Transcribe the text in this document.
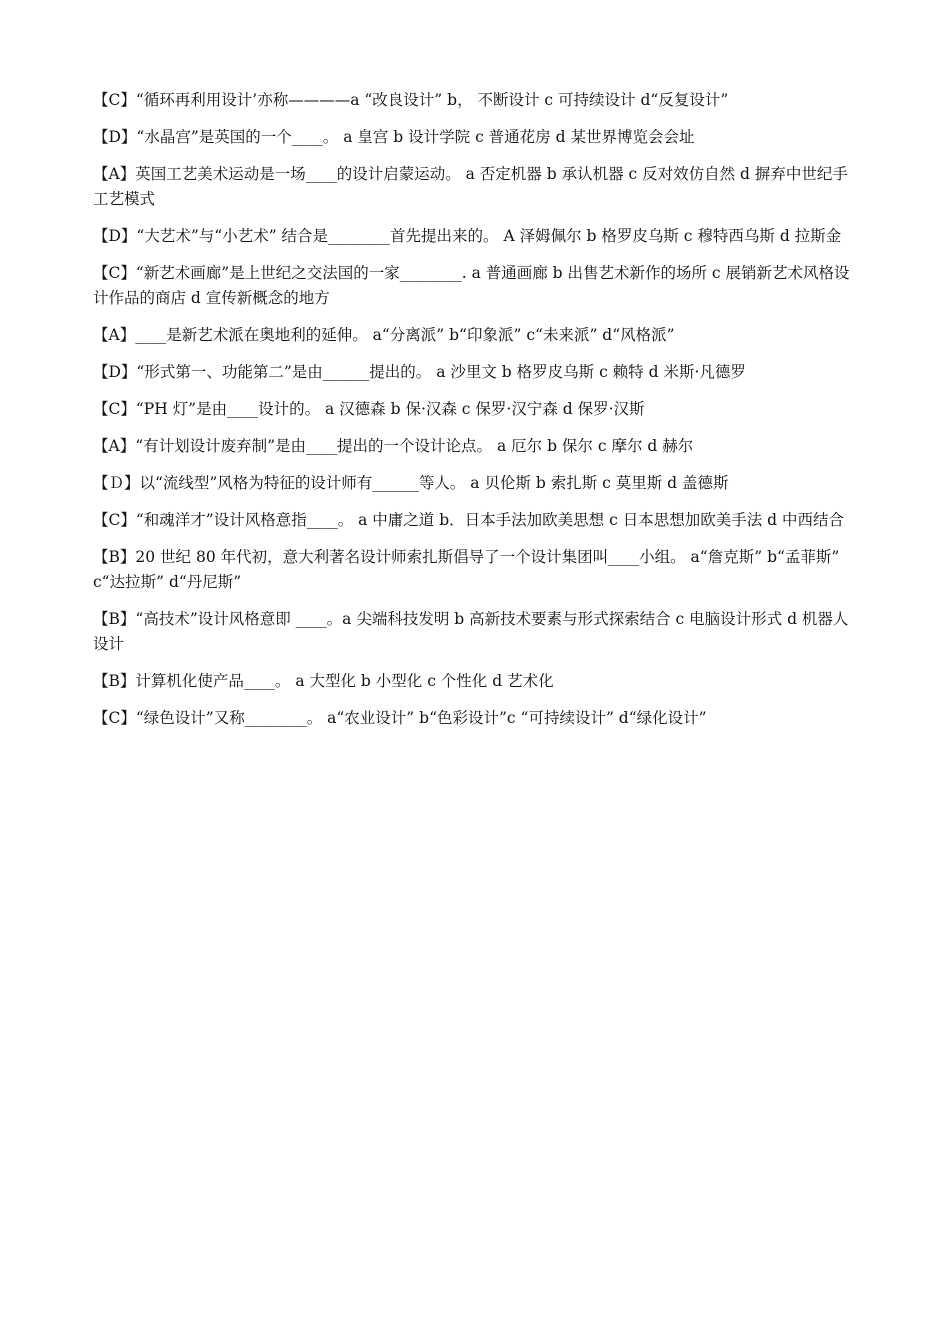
【C】“循环再利用设计’亦称————a “改良设计” b， 不断设计 c 可持续设计 d“反复设计”

【D】“水晶宫”是英国的一个____。 a 皇宫 b 设计学院 c 普通花房 d 某世界博览会会址

【A】英国工艺美术运动是一场____的设计启蒙运动。 a 否定机器 b 承认机器 c 反对效仿自然 d 摒弃中世纪手工艺模式

【D】“大艺术”与“小艺术” 结合是________首先提出来的。 A 泽姆佩尔 b 格罗皮乌斯 c 穆特西乌斯 d 拉斯金

【C】“新艺术画廊”是上世纪之交法国的一家________. a 普通画廊 b 出售艺术新作的场所 c 展销新艺术风格设计作品的商店 d 宣传新概念的地方

【A】____是新艺术派在奥地利的延伸。 a“分离派” b“印象派” c“未来派” d“风格派”

【D】“形式第一、功能第二”是由______提出的。 a 沙里文 b 格罗皮乌斯 c 赖特 d 米斯·凡德罗

【C】“PH 灯”是由____设计的。 a 汉德森 b 保·汉森 c 保罗·汉宁森 d 保罗·汉斯

【A】“有计划设计废弃制”是由____提出的一个设计论点。 a 厄尔 b 保尔 c 摩尔 d 赫尔

【Ｄ】以“流线型”风格为特征的设计师有______等人。 a 贝伦斯 b 索扎斯 c 莫里斯 d 盖德斯

【C】“和魂洋才”设计风格意指____。 a 中庸之道 b．日本手法加欧美思想 c 日本思想加欧美手法 d 中西结合

【B】20 世纪 80 年代初，意大利著名设计师索扎斯倡导了一个设计集团叫____小组。 a“詹克斯” b“孟菲斯” c“达拉斯” d“丹尼斯”

【B】“高技术”设计风格意即 ____。a 尖端科技发明 b 高新技术要素与形式探索结合 c 电脑设计形式 d 机器人设计

【B】计算机化使产品____。 a 大型化 b 小型化 c 个性化 d 艺术化

【C】“绿色设计”又称________。 a“农业设计” b“色彩设计”c “可持续设计” d“绿化设计”
